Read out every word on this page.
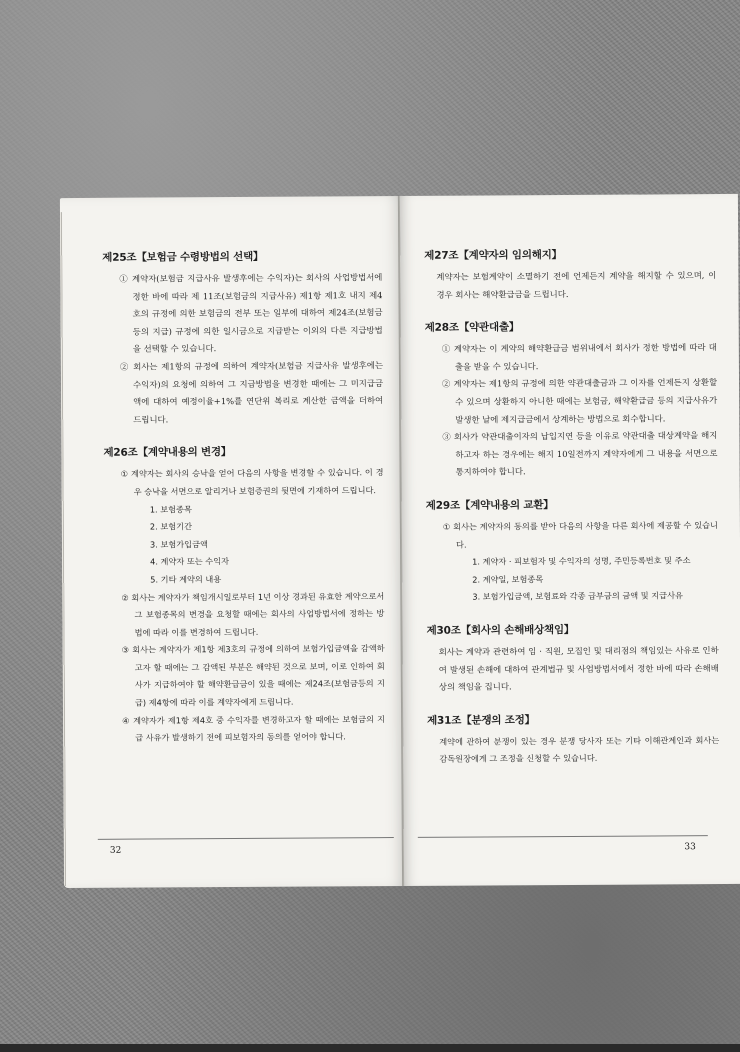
제25조【보험금 수령방법의 선택】

① 계약자(보험금 지급사유 발생후에는 수익자)는 회사의 사업방법서에 정한 바에 따라 제 11조(보험금의 지급사유) 제1항 제1호 내지 제4호의 규정에 의한 보험금의 전부 또는 일부에 대하여 제24조(보험금 등의 지급) 규정에 의한 일시금으로 지급받는 이외의 다른 지급방법을 선택할 수 있습니다.

② 회사는 제1항의 규정에 의하여 계약자(보험금 지급사유 발생후에는 수익자)의 요청에 의하여 그 지급방법을 변경한 때에는 그 미지급금액에 대하여 예정이율+1%를 연단위 복리로 계산한 금액을 더하여 드립니다.

제26조【계약내용의 변경】

① 계약자는 회사의 승낙을 얻어 다음의 사항을 변경할 수 있습니다. 이 경우 승낙을 서면으로 알리거나 보험증권의 뒷면에 기재하여 드립니다.

1. 보험종목
2. 보험기간
3. 보험가입금액
4. 계약자 또는 수익자
5. 기타 계약의 내용

② 회사는 계약자가 책임개시일로부터 1년 이상 경과된 유효한 계약으로서 그 보험종목의 변경을 요청할 때에는 회사의 사업방법서에 정하는 방법에 따라 이를 변경하여 드립니다.

③ 회사는 계약자가 제1항 제3호의 규정에 의하여 보험가입금액을 감액하고자 할 때에는 그 감액된 부분은 해약된 것으로 보며, 이로 인하여 회사가 지급하여야 할 해약환급금이 있을 때에는 제24조(보험금등의 지급) 제4항에 따라 이를 계약자에게 드립니다.

④ 계약자가 제1항 제4호 중 수익자를 변경하고자 할 때에는 보험금의 지급 사유가 발생하기 전에 피보험자의 동의를 얻어야 합니다.

32
제27조【계약자의 임의해지】

계약자는 보험계약이 소멸하기 전에 언제든지 계약을 해지할 수 있으며, 이 경우 회사는 해약환급금을 드립니다.

제28조【약관대출】

① 계약자는 이 계약의 해약환급금 범위내에서 회사가 정한 방법에 따라 대출을 받을 수 있습니다.

② 계약자는 제1항의 규정에 의한 약관대출금과 그 이자를 언제든지 상환할 수 있으며 상환하지 아니한 때에는 보험금, 해약환급금 등의 지급사유가 발생한 날에 제지급금에서 상계하는 방법으로 회수합니다.

③ 회사가 약관대출이자의 납입지연 등을 이유로 약관대출 대상계약을 해지하고자 하는 경우에는 해지 10일전까지 계약자에게 그 내용을 서면으로 통지하여야 합니다.

제29조【계약내용의 교환】

① 회사는 계약자의 동의를 받아 다음의 사항을 다른 회사에 제공할 수 있습니다.

1. 계약자 · 피보험자 및 수익자의 성명, 주민등록번호 및 주소
2. 계약일, 보험종목
3. 보험가입금액, 보험료와 각종 급부금의 금액 및 지급사유
제30조【회사의 손해배상책임】

회사는 계약과 관련하여 임 · 직원, 모집인 및 대리점의 책임있는 사유로 인하여 발생된 손해에 대하여 관계법규 및 사업방법서에서 정한 바에 따라 손해배상의 책임을 집니다.

제31조【분쟁의 조정】

계약에 관하여 분쟁이 있는 경우 분쟁 당사자 또는 기타 이해관계인과 회사는 감독원장에게 그 조정을 신청할 수 있습니다.

33
